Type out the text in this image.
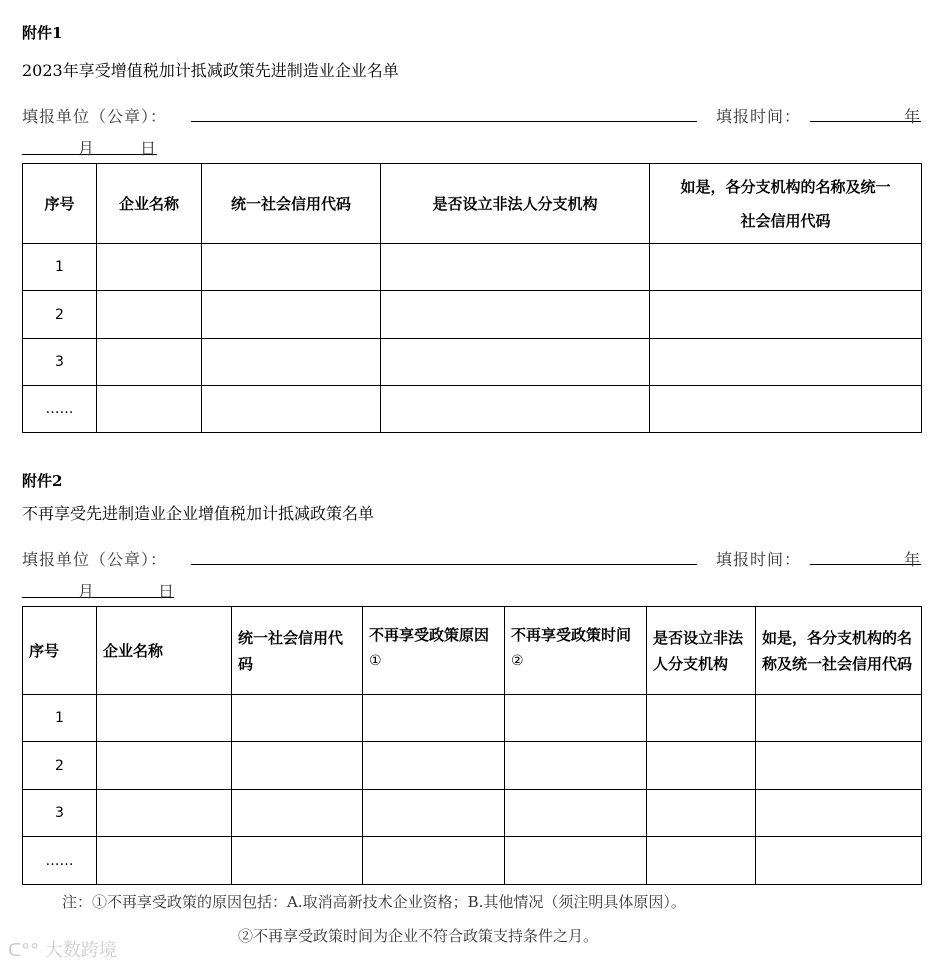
附件1
2023年享受增值税加计抵减政策先进制造业企业名单
填报单位（公章）：	填报时间：	年
月	日
序号	企业名称	统一社会信用代码	是否设立非法人分支机构	如是，各分支机构的名称及统一社会信用代码
1				
2				
3				
……				
附件2
不再享受先进制造业企业增值税加计抵减政策名单
填报单位（公章）：	填报时间：	年
月	日
序号	企业名称	统一社会信用代码	不再享受政策原因①	不再享受政策时间②	是否设立非法人分支机构	如是，各分支机构的名称及统一社会信用代码
1						
2						
3						
……						
注：①不再享受政策的原因包括：A.取消高新技术企业资格；B.其他情况（须注明具体原因）。
②不再享受政策时间为企业不符合政策支持条件之月。
ᑕ°° 大数跨境
